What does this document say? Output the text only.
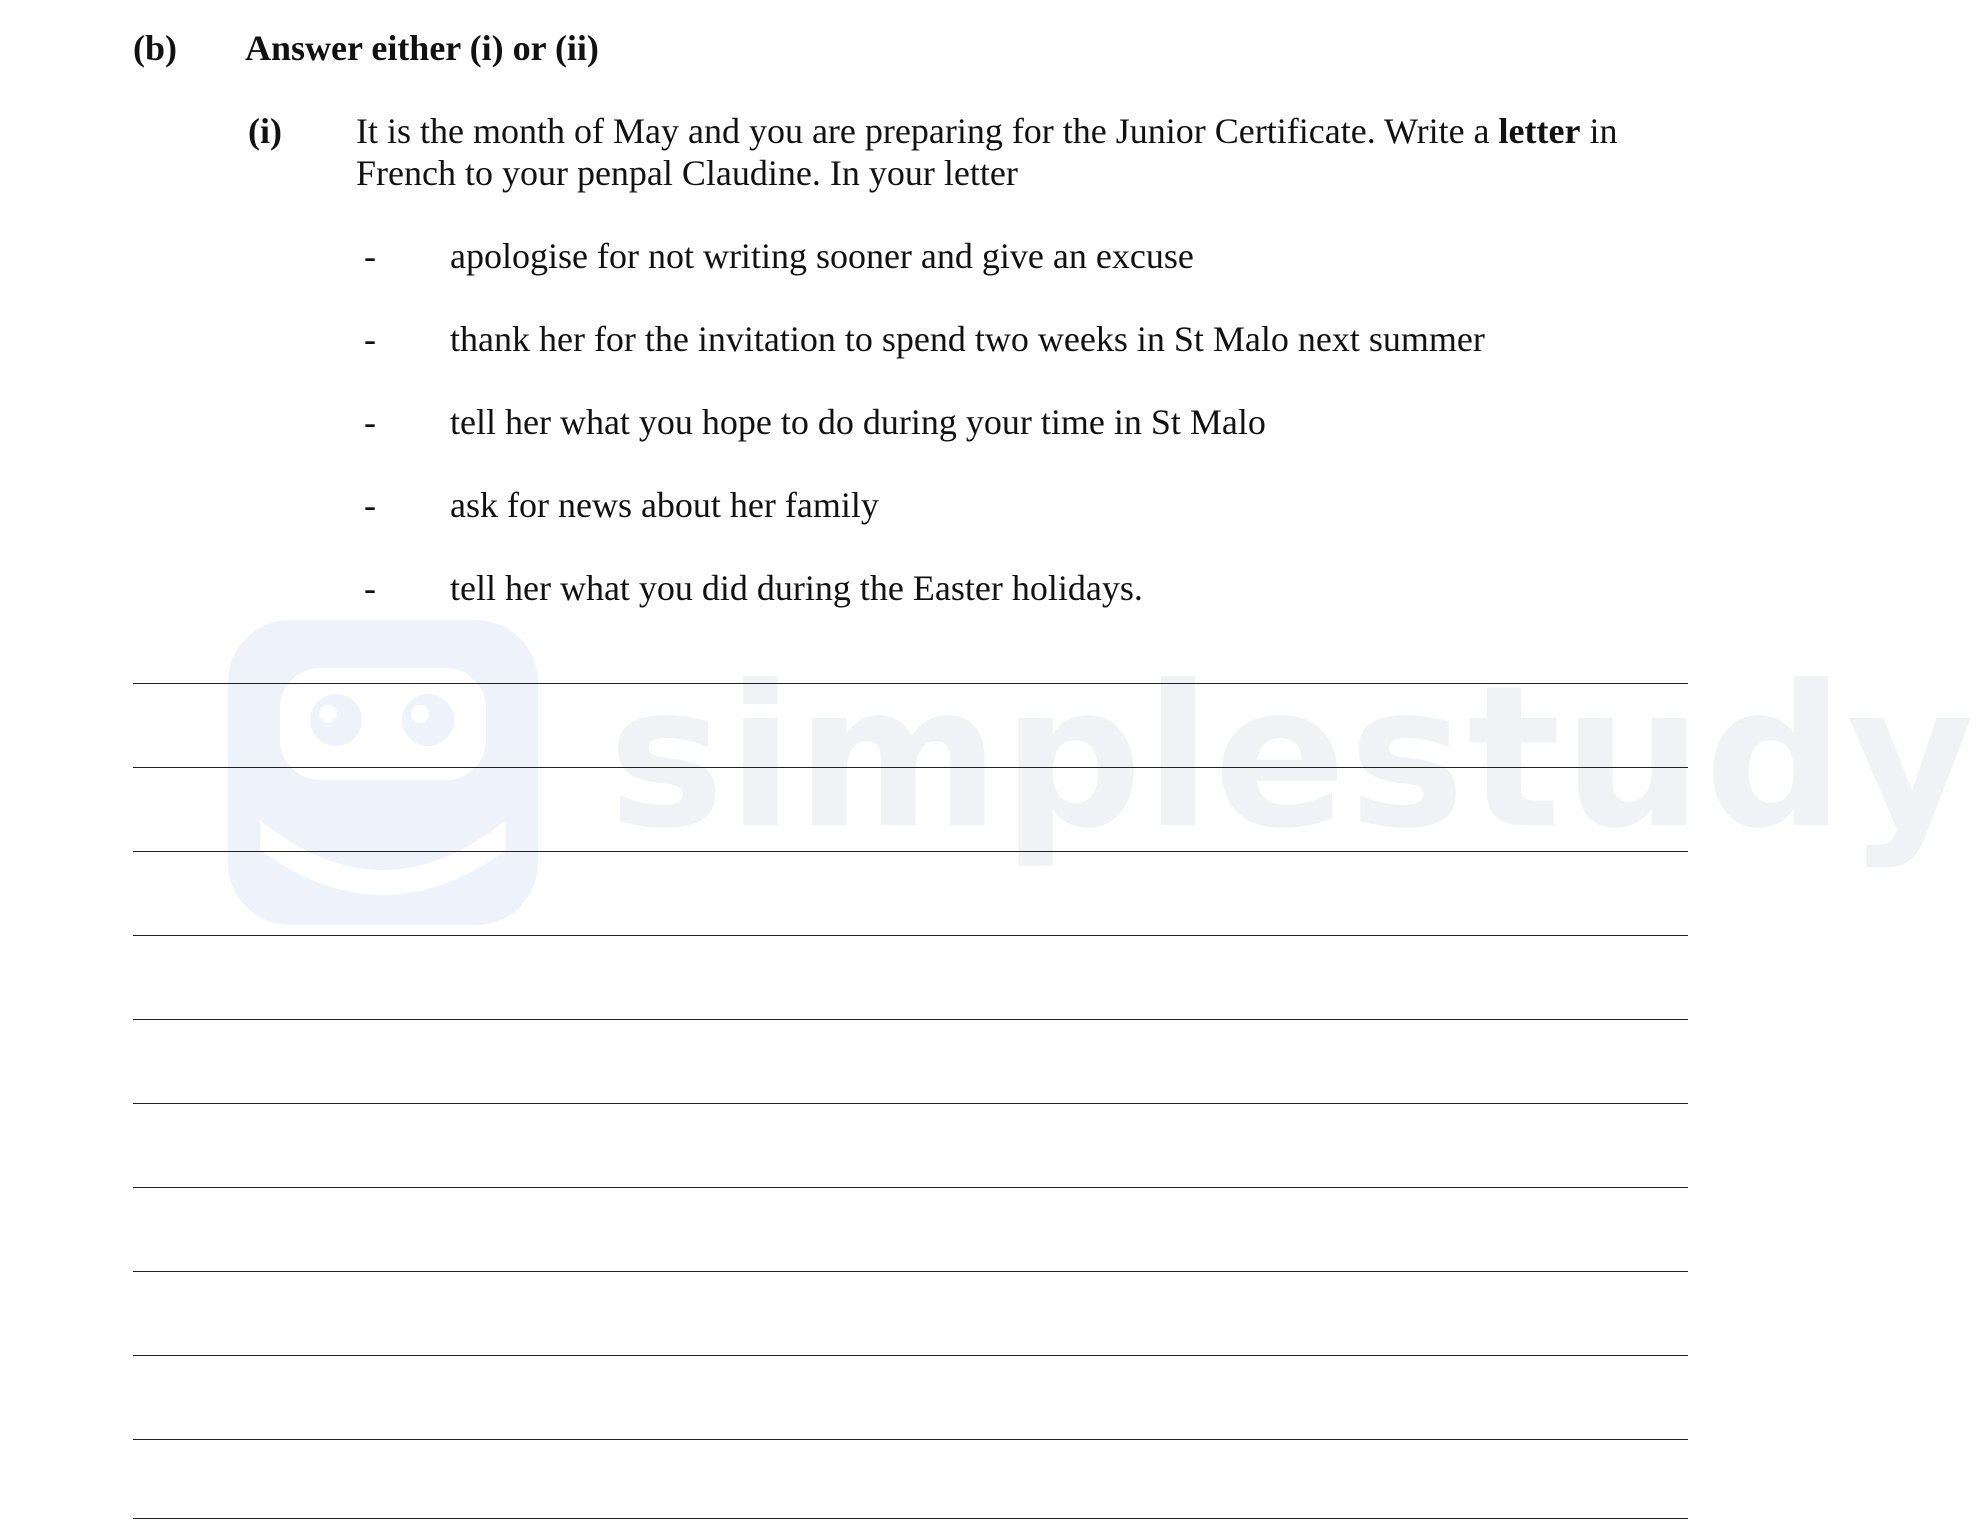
simplestudy
(b) Answer either (i) or (ii)
(i) It is the month of May and you are preparing for the Junior Certificate. Write a letter in French to your penpal Claudine. In your letter
- apologise for not writing sooner and give an excuse
- thank her for the invitation to spend two weeks in St Malo next summer
- tell her what you hope to do during your time in St Malo
- ask for news about her family
- tell her what you did during the Easter holidays.
